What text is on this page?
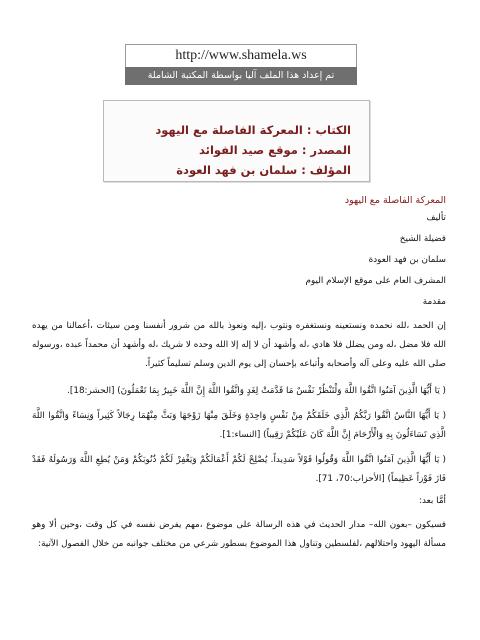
http://www.shamela.ws
تم إعداد هذا الملف آليا بواسطة المكتبة الشاملة
الكتاب : المعركة الفاصلة مع اليهود
المصدر : موقع صيد الفوائد
المؤلف : سلمان بن فهد العودة
المعركة الفاصلة مع اليهود
تأليف
فضيلة الشيخ
سلمان بن فهد العودة
المشرف العام على موقع الإسلام اليوم
مقدمة
إن الحمد ،لله نحمده ونستعينه ونستغفره ونتوب ،إليه ونعوذ بالله من شرور أنفسنا ومن سيئات ،أعمالنا من يهده الله فلا مضل ،له ومن يضلل فلا هادي ،له وأشهد أن لا إله إلا الله وحده لا شريك ،له وأشهد أن محمداً عبده ،ورسوله صلى الله عليه وعلى آله وأصحابه وأتباعه بإحسان إلى يوم الدين وسلم تسليماً كثيراً.
( يَا أَيُّهَا الَّذِينَ آمَنُوا اتَّقُوا اللَّهَ وَلْتَنْظُرْ نَفْسٌ مَا قَدَّمَتْ لِغَدٍ وَاتَّقُوا اللَّهَ إِنَّ اللَّهَ خَبِيرٌ بِمَا تَعْمَلُونَ) [الحشر:18].
( يَا أَيُّهَا النَّاسُ اتَّقُوا رَبَّكُمُ الَّذِي خَلَقَكُمْ مِنْ نَفْسٍ وَاحِدَةٍ وَخَلَقَ مِنْهَا زَوْجَهَا وَبَثَّ مِنْهُمَا رِجَالاً كَثِيراً وَنِسَاءً وَاتَّقُوا اللَّهَ الَّذِي تَسَاءَلُونَ بِهِ وَالْأَرْحَامَ إِنَّ اللَّهَ كَانَ عَلَيْكُمْ رَقِيباً) [النساء:1].
( يَا أَيُّهَا الَّذِينَ آمَنُوا اتَّقُوا اللَّهَ وَقُولُوا قَوْلاً سَدِيداً. يُصْلِحْ لَكُمْ أَعْمَالَكُمْ وَيَغْفِرْ لَكُمْ ذُنُوبَكُمْ وَمَنْ يُطِعِ اللَّهَ وَرَسُولَهُ فَقَدْ فَازَ فَوْزاً عَظِيماً) [الأحزاب:70، 71].
أمَّا بعد:
فسيكون –بعون الله– مدار الحديث في هذه الرسالة على موضوع ،مهم يفرض نفسه في كل وقت ،وحين ألا وهو مسألة اليهود واحتلالهم ،لفلسطين وتناول هذا الموضوع بسطور شرعي من مختلف جوانبه من خلال الفصول الآتية:
